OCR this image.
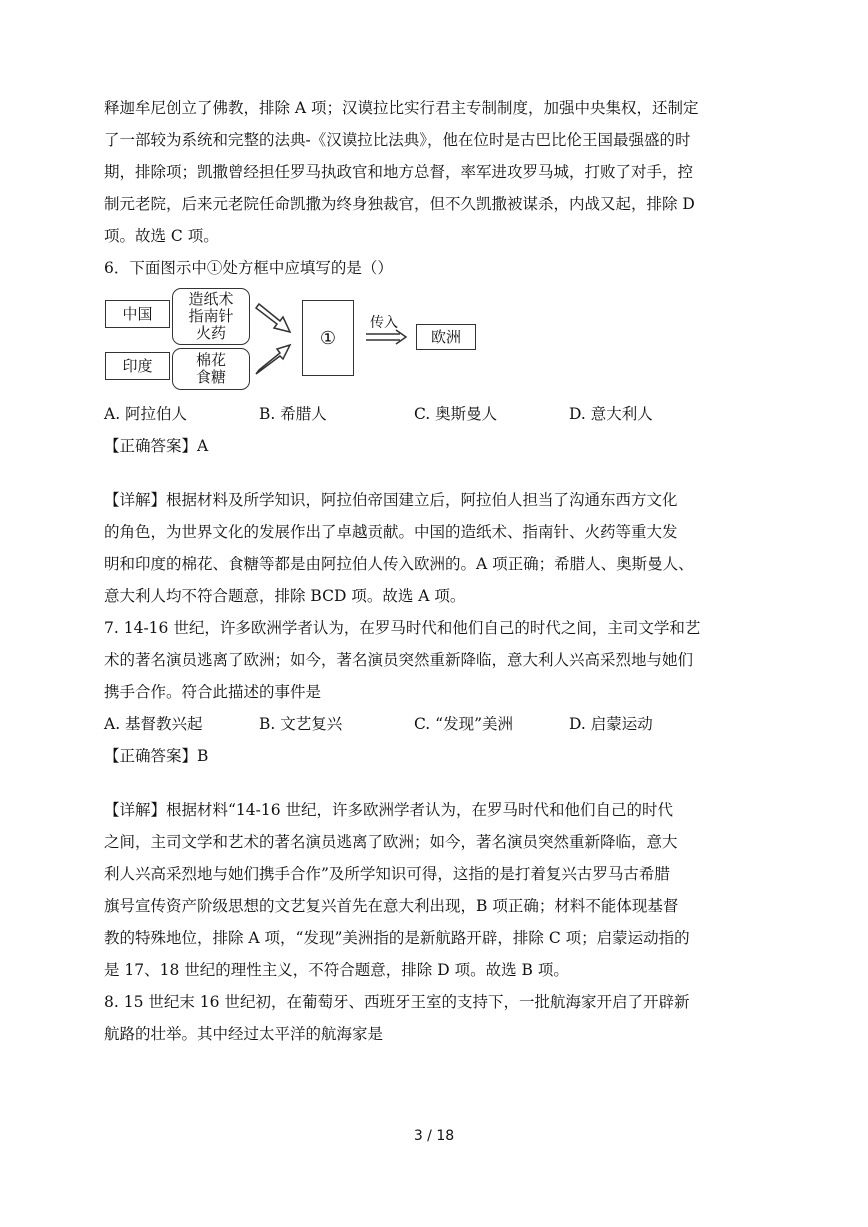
释迦牟尼创立了佛教，排除 A 项；汉谟拉比实行君主专制制度，加强中央集权，还制定
了一部较为系统和完整的法典-《汉谟拉比法典》，他在位时是古巴比伦王国最强盛的时
期，排除项；凯撒曾经担任罗马执政官和地方总督，率军进攻罗马城，打败了对手，控
制元老院，后来元老院任命凯撒为终身独裁官，但不久凯撒被谋杀，内战又起，排除 D
项。故选 C 项。
6．下面图示中①处方框中应填写的是（）
中国
印度
造纸术
指南针
火药
棉花
食糖
①
传入
欧洲
A. 阿拉伯人	B. 希腊人	C. 奥斯曼人	D. 意大利人
【正确答案】A
【详解】根据材料及所学知识，阿拉伯帝国建立后，阿拉伯人担当了沟通东西方文化
的角色，为世界文化的发展作出了卓越贡献。中国的造纸术、指南针、火药等重大发
明和印度的棉花、食糖等都是由阿拉伯人传入欧洲的。A 项正确；希腊人、奥斯曼人、
意大利人均不符合题意，排除 BCD 项。故选 A 项。
7. 14-16 世纪，许多欧洲学者认为，在罗马时代和他们自己的时代之间，主司文学和艺
术的著名演员逃离了欧洲；如今，著名演员突然重新降临，意大利人兴高采烈地与她们
携手合作。符合此描述的事件是
A. 基督教兴起	B. 文艺复兴	C. “发现”美洲	D. 启蒙运动
【正确答案】B
【详解】根据材料“14-16 世纪，许多欧洲学者认为，在罗马时代和他们自己的时代
之间，主司文学和艺术的著名演员逃离了欧洲；如今，著名演员突然重新降临，意大
利人兴高采烈地与她们携手合作”及所学知识可得，这指的是打着复兴古罗马古希腊
旗号宣传资产阶级思想的文艺复兴首先在意大利出现，B 项正确；材料不能体现基督
教的特殊地位，排除 A 项，“发现”美洲指的是新航路开辟，排除 C 项；启蒙运动指的
是 17、18 世纪的理性主义，不符合题意，排除 D 项。故选 B 项。
8. 15 世纪末 16 世纪初，在葡萄牙、西班牙王室的支持下，一批航海家开启了开辟新
航路的壮举。其中经过太平洋的航海家是
3 / 18
